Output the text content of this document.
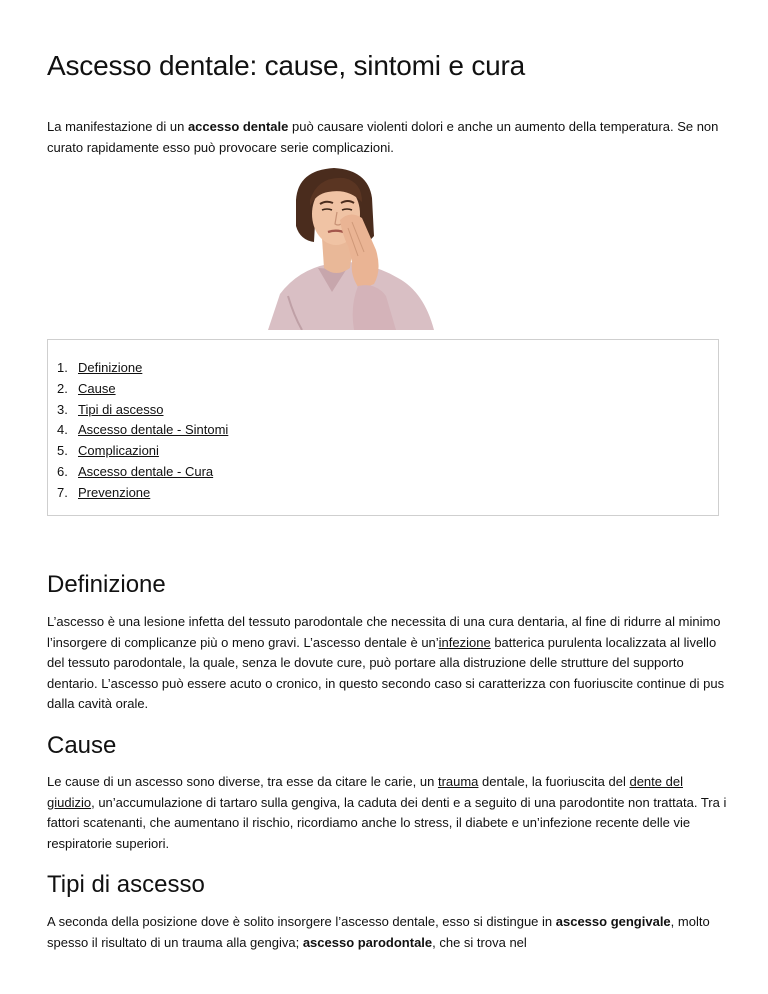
Ascesso dentale: cause, sintomi e cura

La manifestazione di un accesso dentale può causare violenti dolori e anche un aumento della temperatura. Se non curato rapidamente esso può provocare serie complicazioni.

1. Definizione
2. Cause
3. Tipi di ascesso
4. Ascesso dentale - Sintomi
5. Complicazioni
6. Ascesso dentale - Cura
7. Prevenzione
Definizione

L’ascesso è una lesione infetta del tessuto parodontale che necessita di una cura dentaria, al fine di ridurre al minimo l’insorgere di complicanze più o meno gravi. L’ascesso dentale è un’infezione batterica purulenta localizzata al livello del tessuto parodontale, la quale, senza le dovute cure, può portare alla distruzione delle strutture del supporto dentario. L’ascesso può essere acuto o cronico, in questo secondo caso si caratterizza con fuoriuscite continue di pus dalla cavità orale.

Cause

Le cause di un ascesso sono diverse, tra esse da citare le carie, un trauma dentale, la fuoriuscita del dente del giudizio, un’accumulazione di tartaro sulla gengiva, la caduta dei denti e a seguito di una parodontite non trattata. Tra i fattori scatenanti, che aumentano il rischio, ricordiamo anche lo stress, il diabete e un’infezione recente delle vie respiratorie superiori.

Tipi di ascesso

A seconda della posizione dove è solito insorgere l’ascesso dentale, esso si distingue in ascesso gengivale, molto spesso il risultato di un trauma alla gengiva; ascesso parodontale, che si trova nel
